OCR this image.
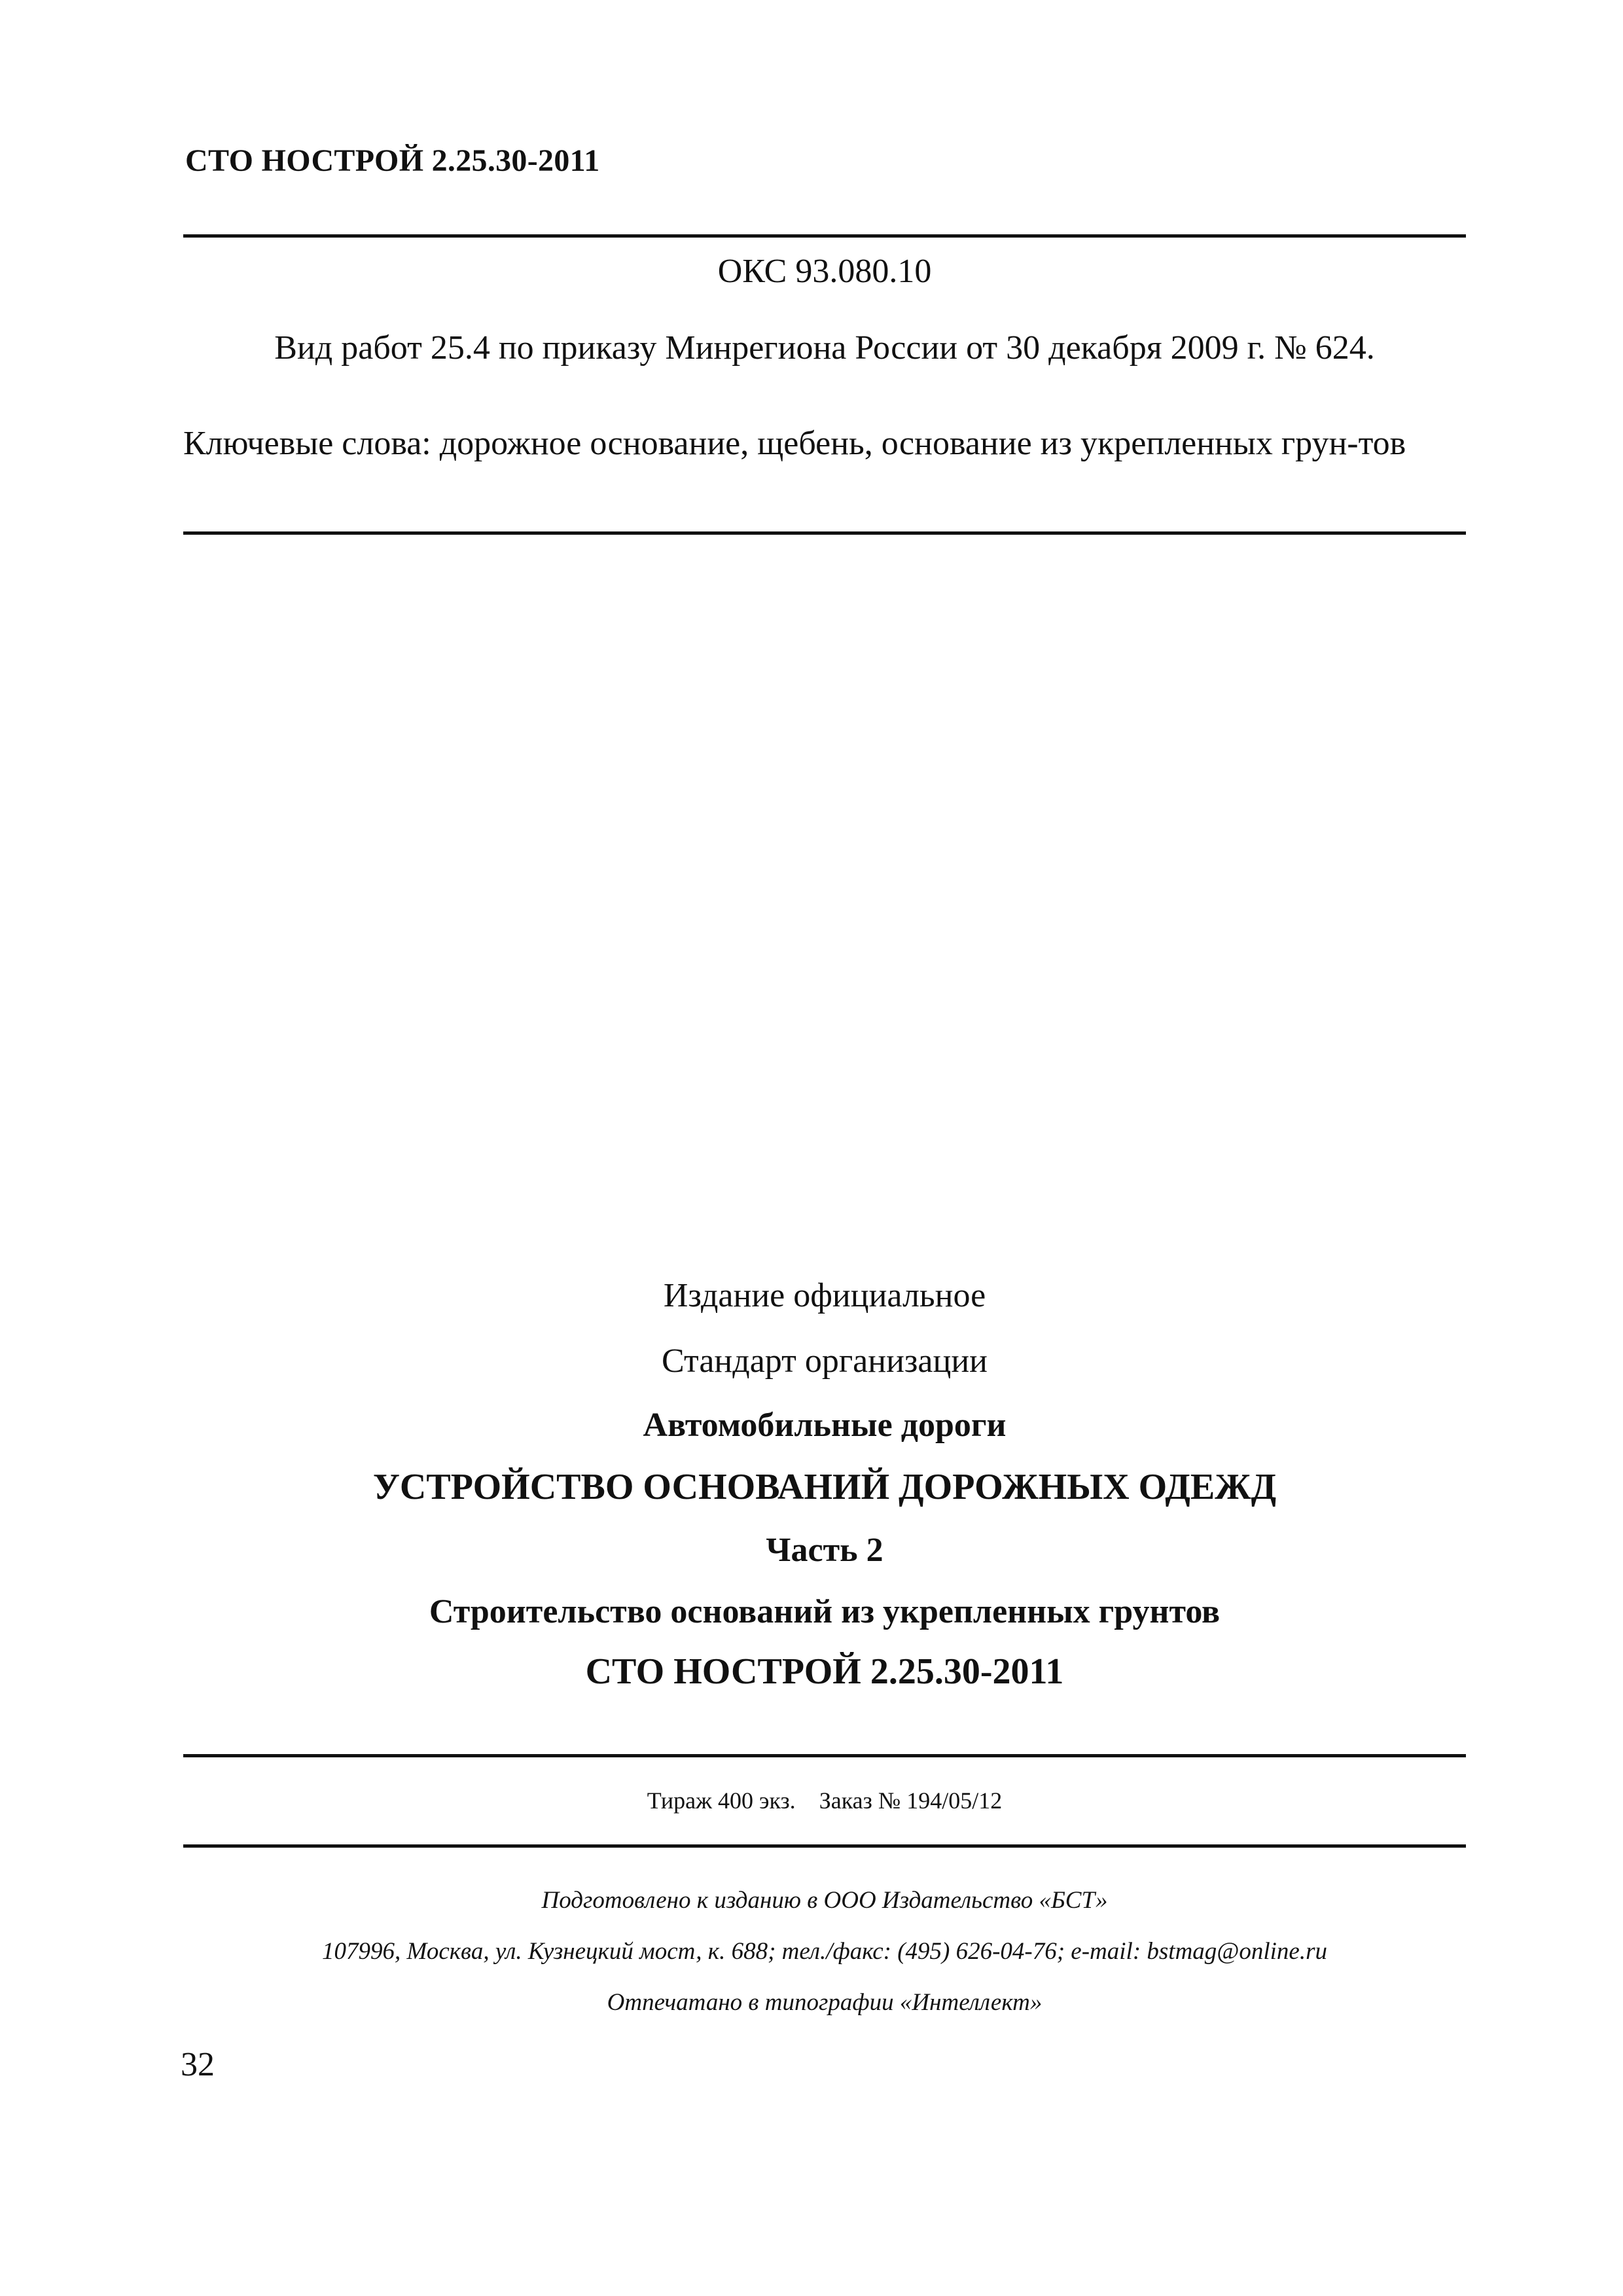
СТО НОСТРОЙ 2.25.30-2011
ОКС 93.080.10
Вид работ 25.4 по приказу Минрегиона России от 30 декабря 2009 г. № 624.
Ключевые слова: дорожное основание, щебень, основание из укрепленных грун-тов
Издание официальное
Стандарт организации
Автомобильные дороги
УСТРОЙСТВО ОСНОВАНИЙ ДОРОЖНЫХ ОДЕЖД
Часть 2
Строительство оснований из укрепленных грунтов
СТО НОСТРОЙ 2.25.30-2011
Тираж 400 экз. Заказ № 194/05/12
Подготовлено к изданию в ООО Издательство «БСТ»
107996, Москва, ул. Кузнецкий мост, к. 688; тел./факс: (495) 626-04-76; e-mail: bstmag@online.ru
Отпечатано в типографии «Интеллект»
32
